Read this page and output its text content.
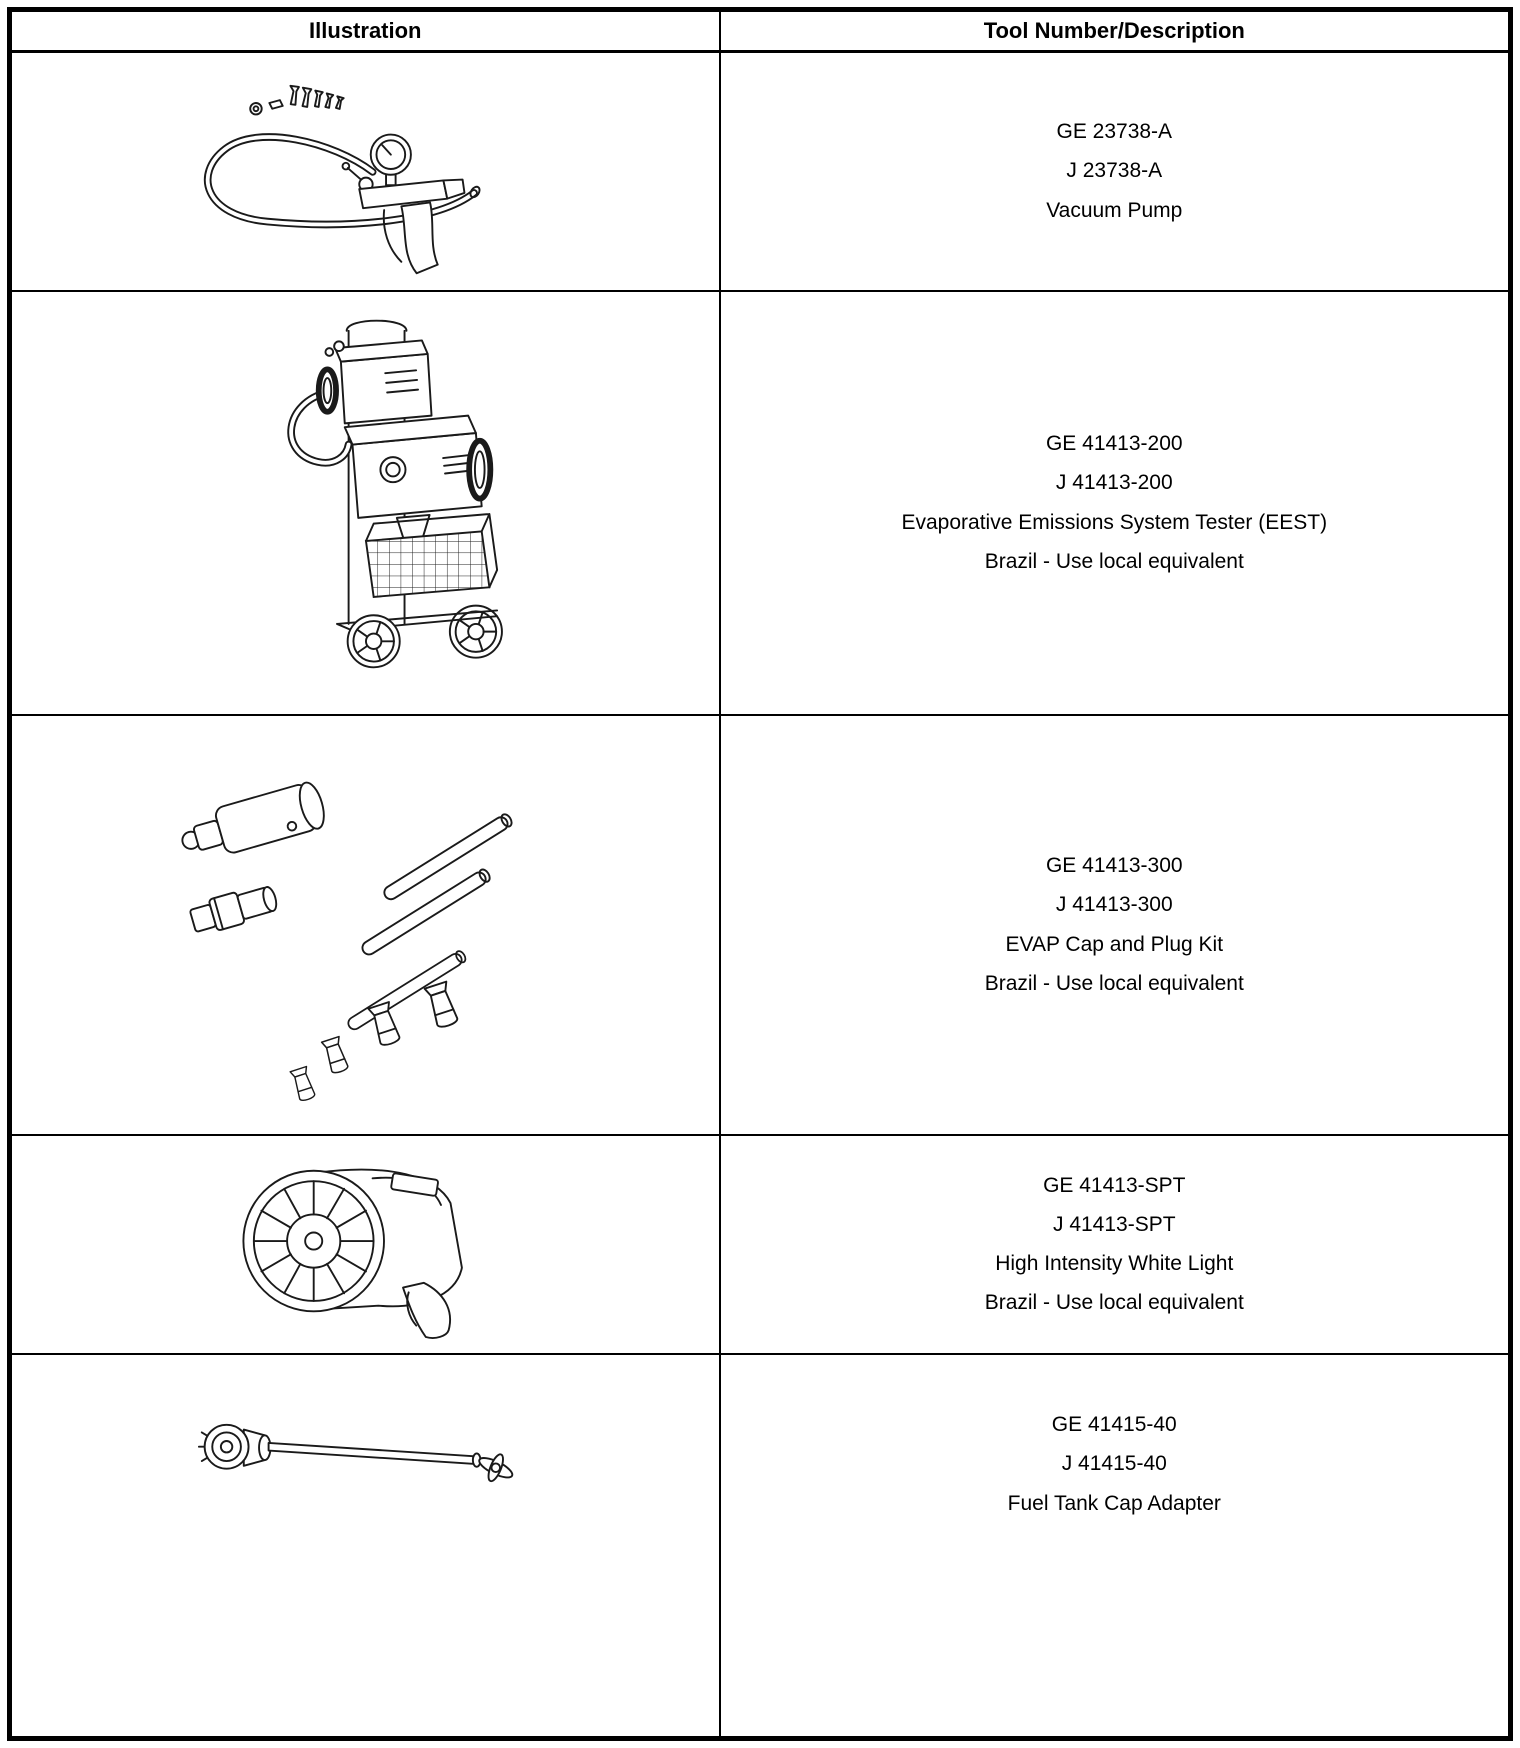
Illustration	Tool Number/Description

GE 23738-A
J 23738-A
Vacuum Pump

GE 41413-200
J 41413-200
Evaporative Emissions System Tester (EEST)
Brazil - Use local equivalent

GE 41413-300
J 41413-300
EVAP Cap and Plug Kit
Brazil - Use local equivalent

GE 41413-SPT
J 41413-SPT
High Intensity White Light
Brazil - Use local equivalent

GE 41415-40
J 41415-40
Fuel Tank Cap Adapter
